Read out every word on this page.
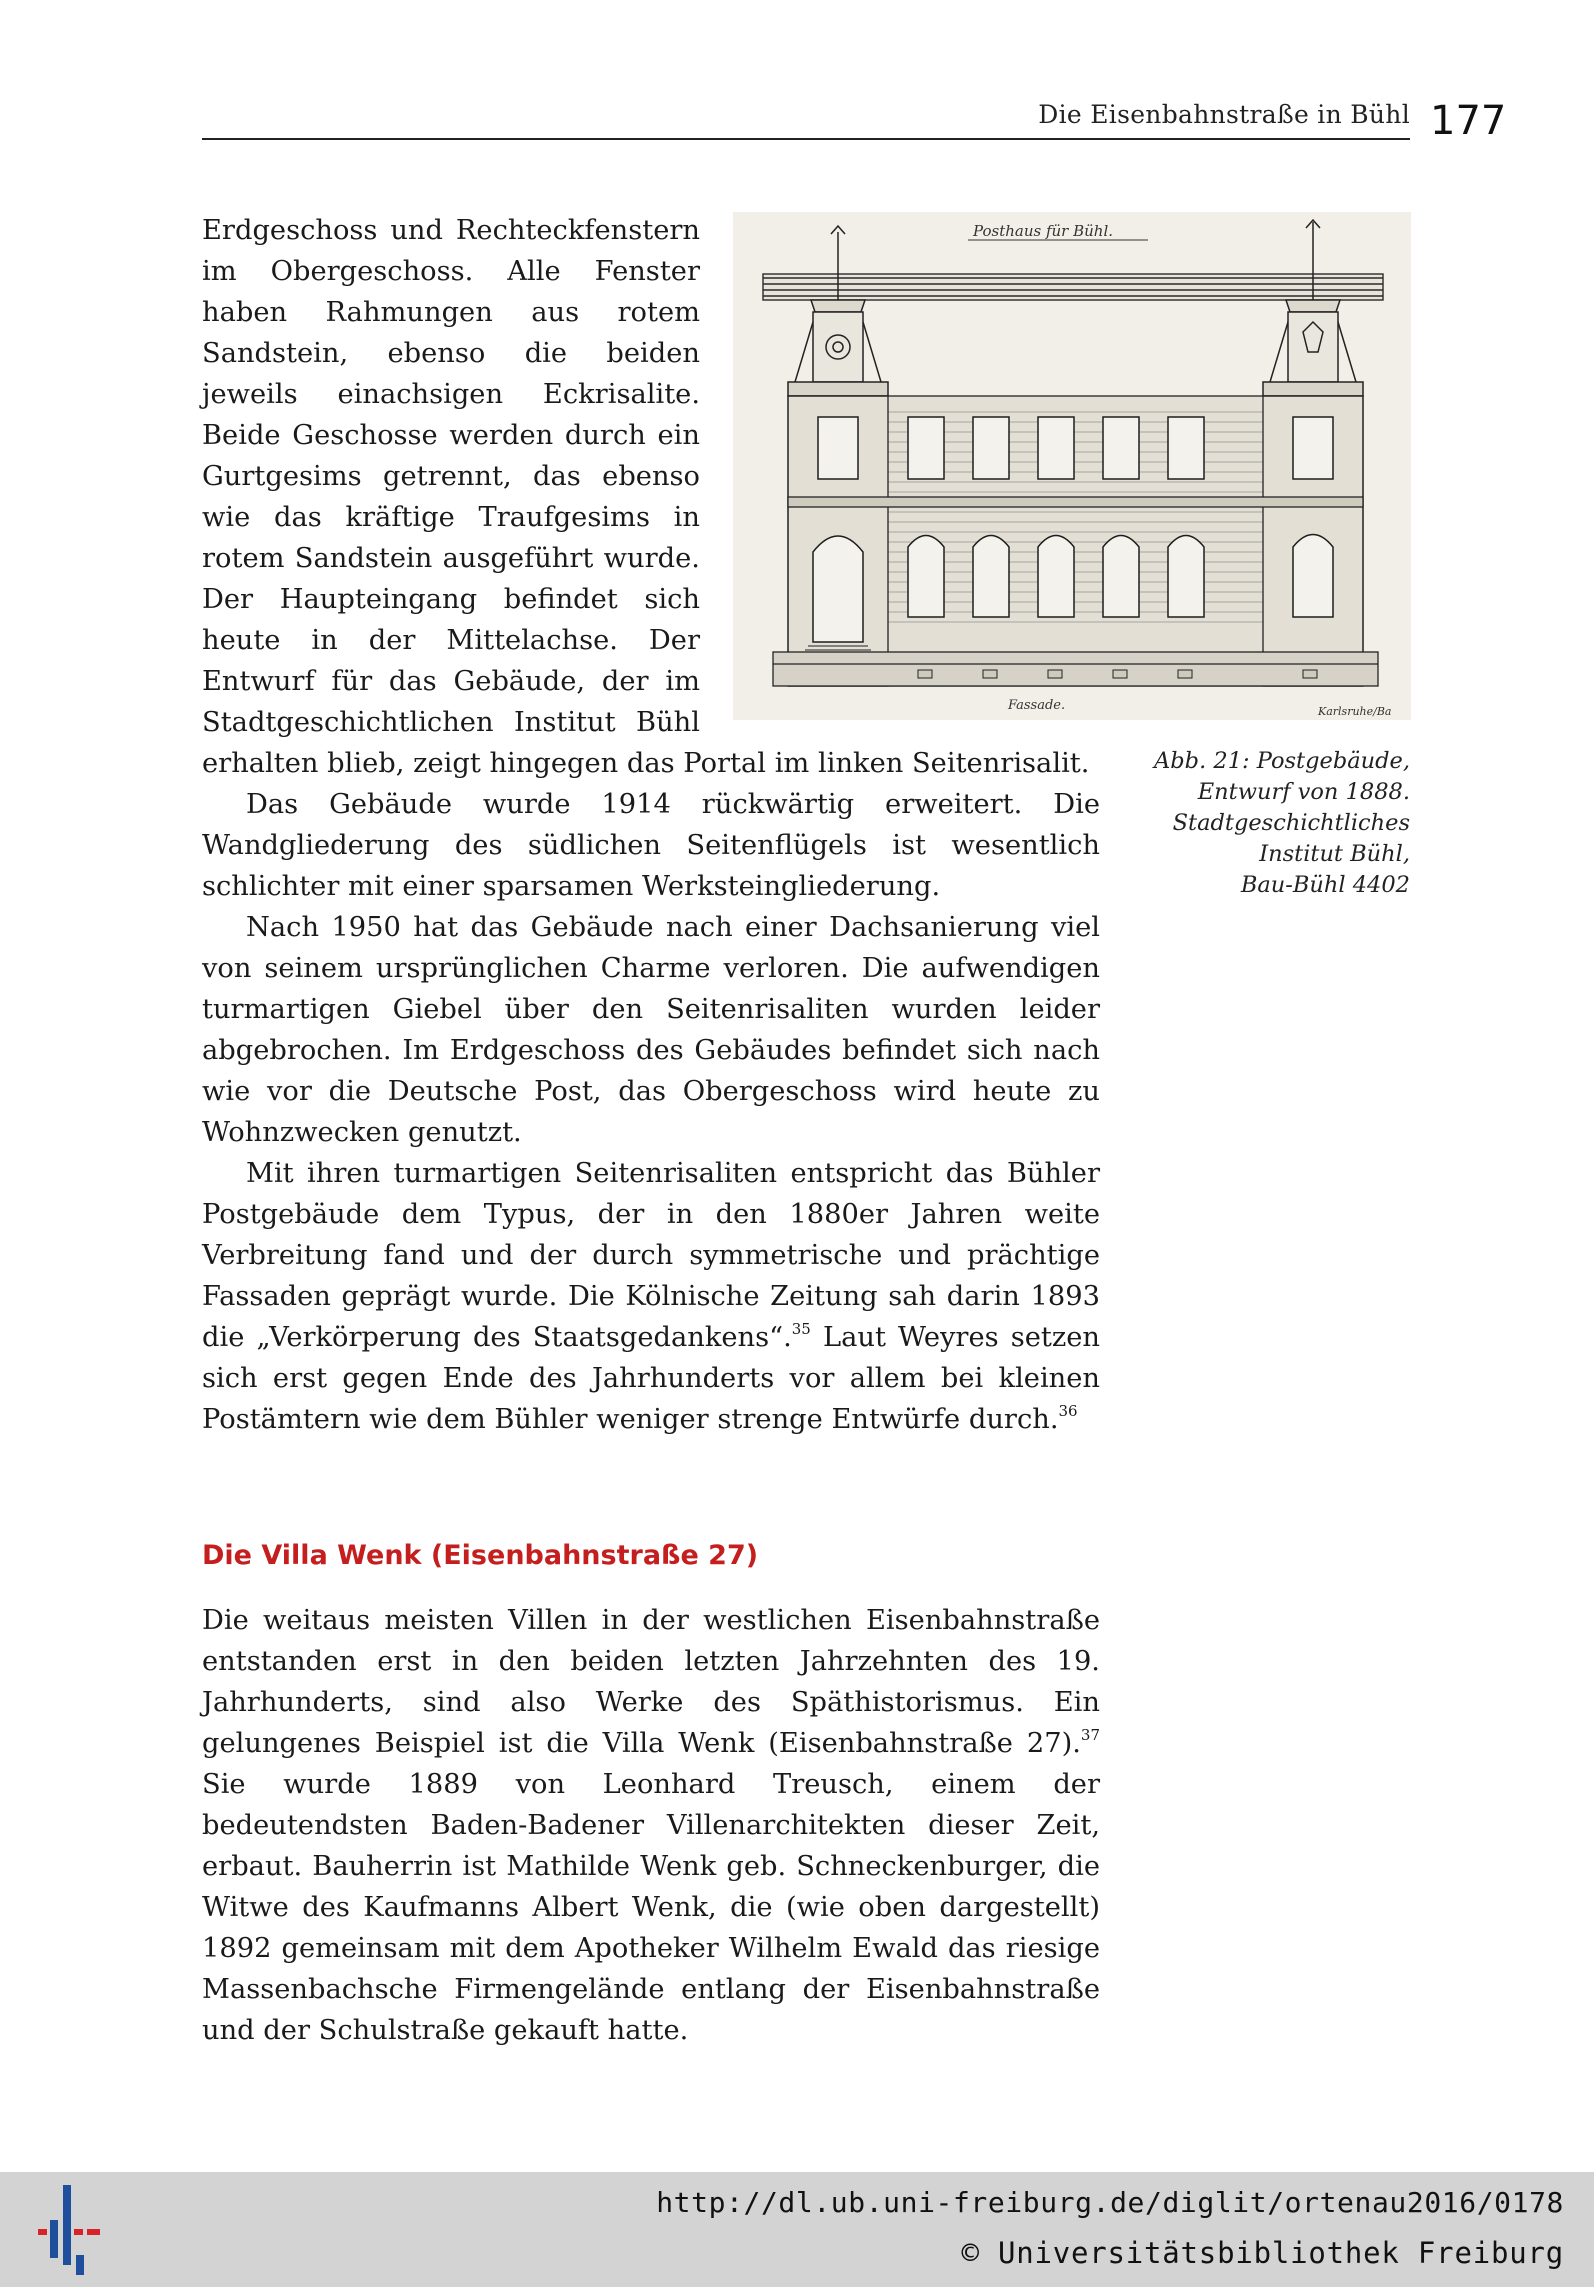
Die Eisenbahnstraße in Bühl 177
Posthaus für Bühl.
Fassade.	Karlsruhe/Ba
Abb. 21: Postgebäude,
Entwurf von 1888.
Stadtgeschichtliches
Institut Bühl,
Bau-Bühl 4402

Erdgeschoss und Rechteckfenstern im Obergeschoss. Alle Fenster haben Rahmungen aus rotem Sandstein, ebenso die beiden jeweils einachsigen Eckrisalite. Beide Geschosse werden durch ein Gurtgesims getrennt, das ebenso wie das kräftige Traufgesims in rotem Sandstein ausgeführt wurde. Der Haupteingang befindet sich heute in der Mittelachse. Der Entwurf für das Gebäude, der im Stadtgeschichtlichen Institut Bühl erhalten blieb, zeigt hingegen das Portal im linken Seitenrisalit.

Das Gebäude wurde 1914 rückwärtig erweitert. Die Wandgliederung des südlichen Seitenflügels ist wesentlich schlichter mit einer sparsamen Werksteingliederung.

Nach 1950 hat das Gebäude nach einer Dachsanierung viel von seinem ursprünglichen Charme verloren. Die aufwendigen turmartigen Giebel über den Seitenrisaliten wurden leider abgebrochen. Im Erdgeschoss des Gebäudes befindet sich nach wie vor die Deutsche Post, das Obergeschoss wird heute zu Wohnzwecken genutzt.

Mit ihren turmartigen Seitenrisaliten entspricht das Bühler Postgebäude dem Typus, der in den 1880er Jahren weite Verbreitung fand und der durch symmetrische und prächtige Fassaden geprägt wurde. Die Kölnische Zeitung sah darin 1893 die „Verkörperung des Staatsgedankens“.$^{35}$ Laut Weyres setzen sich erst gegen Ende des Jahrhunderts vor allem bei kleinen Postämtern wie dem Bühler weniger strenge Entwürfe durch.$^{36}$

Die Villa Wenk (Eisenbahnstraße 27)

Die weitaus meisten Villen in der westlichen Eisenbahnstraße entstanden erst in den beiden letzten Jahrzehnten des 19. Jahrhunderts, sind also Werke des Späthistorismus. Ein gelungenes Beispiel ist die Villa Wenk (Eisenbahnstraße 27).$^{37}$ Sie wurde 1889 von Leonhard Treusch, einem der bedeutendsten Baden-Badener Villenarchitekten dieser Zeit, erbaut. Bauherrin ist Mathilde Wenk geb. Schneckenburger, die Witwe des Kaufmanns Albert Wenk, die (wie oben dargestellt) 1892 gemeinsam mit dem Apotheker Wilhelm Ewald das riesige Massenbachsche Firmengelände entlang der Eisenbahnstraße und der Schulstraße gekauft hatte.

http://dl.ub.uni-freiburg.de/diglit/ortenau2016/0178
© Universitätsbibliothek Freiburg
